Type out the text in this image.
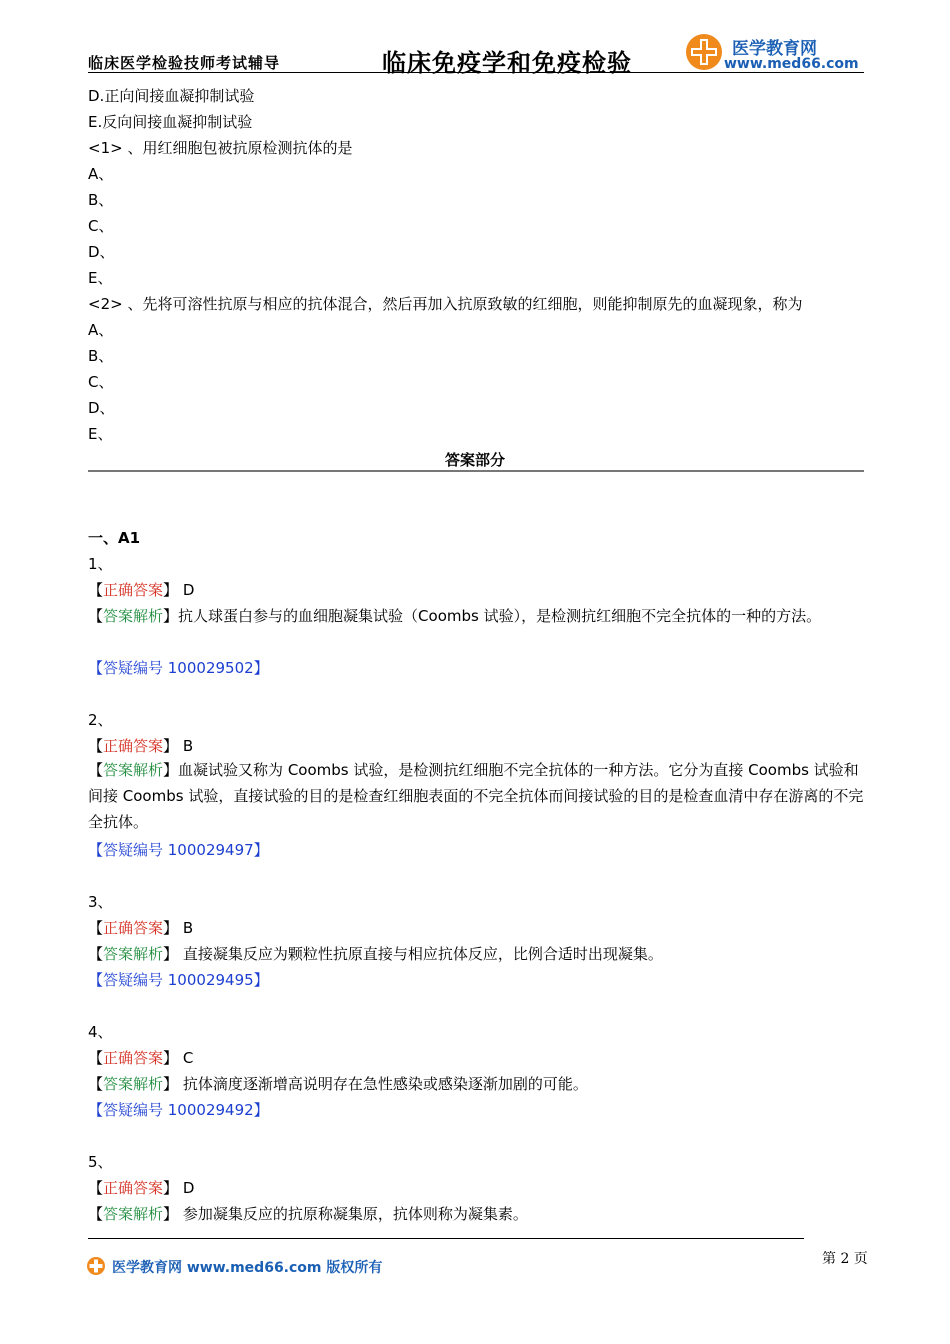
临床医学检验技师考试辅导	临床免疫学和免疫检验	医学教育网
www.med66.com
D.正向间接血凝抑制试验
E.反向间接血凝抑制试验
<1> 、用红细胞包被抗原检测抗体的是
A、
B、
C、
D、
E、
<2> 、先将可溶性抗原与相应的抗体混合，然后再加入抗原致敏的红细胞，则能抑制原先的血凝现象，称为
A、
B、
C、
D、
E、
答案部分
一、A1
1、
【正确答案】 D
【答案解析】抗人球蛋白参与的血细胞凝集试验（Coombs 试验），是检测抗红细胞不完全抗体的一种的方法。
【答疑编号 100029502】
2、
【正确答案】 B
【答案解析】血凝试验又称为 Coombs 试验，是检测抗红细胞不完全抗体的一种方法。它分为直接 Coombs 试验和间接 Coombs 试验，直接试验的目的是检查红细胞表面的不完全抗体而间接试验的目的是检查血清中存在游离的不完全抗体。
【答疑编号 100029497】
3、
【正确答案】 B
【答案解析】 直接凝集反应为颗粒性抗原直接与相应抗体反应，比例合适时出现凝集。
【答疑编号 100029495】
4、
【正确答案】 C
【答案解析】 抗体滴度逐渐增高说明存在急性感染或感染逐渐加剧的可能。
【答疑编号 100029492】
5、
【正确答案】 D
【答案解析】 参加凝集反应的抗原称凝集原，抗体则称为凝集素。
医学教育网 www.med66.com 版权所有
第 2 页
